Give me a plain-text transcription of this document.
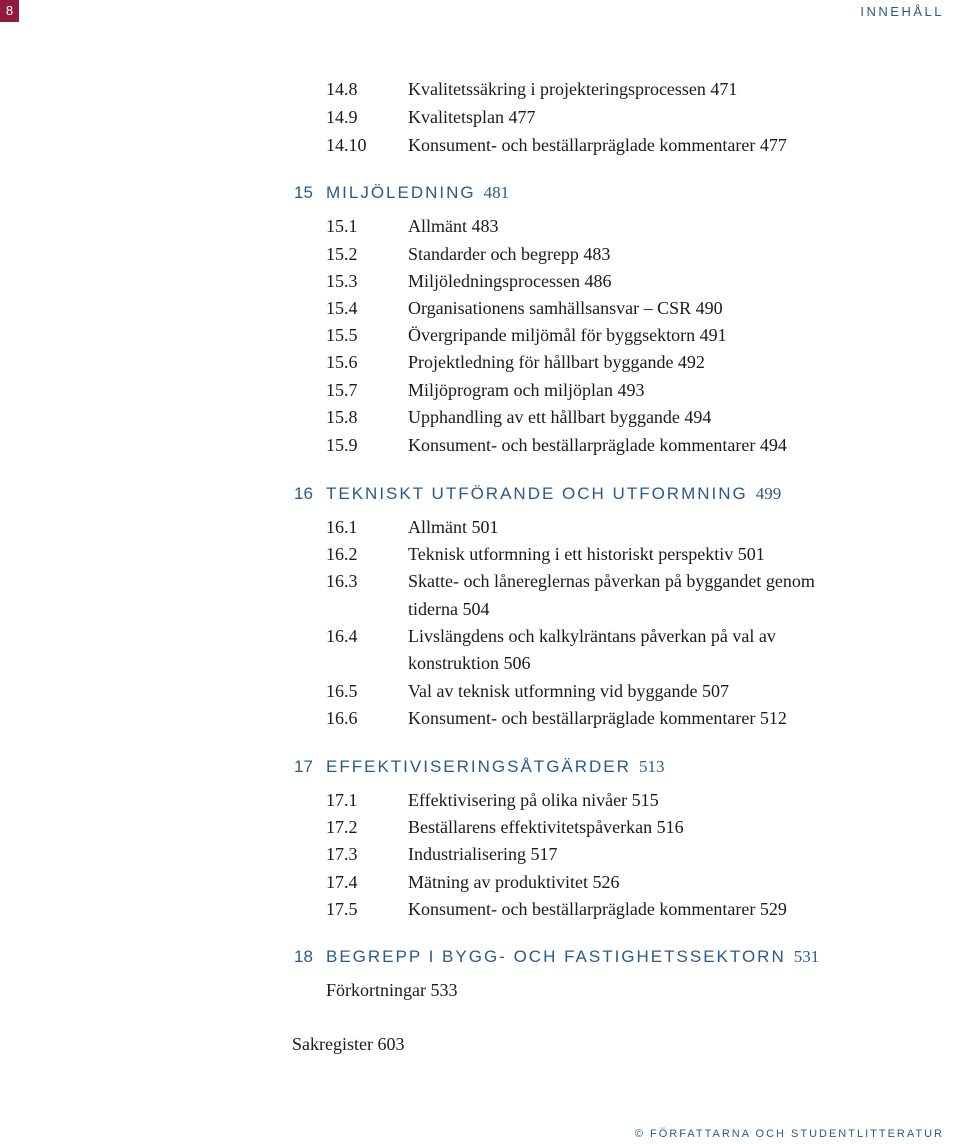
8	INNEHÅLL
14.8	Kvalitetssäkring i projekteringsprocessen 471
14.9	Kvalitetsplan 477
14.10 Konsument- och beställarpräglade kommentarer 477
15 MILJÖLEDNING 481
15.1	Allmänt 483
15.2	Standarder och begrepp 483
15.3	Miljöledningsprocessen 486
15.4	Organisationens samhällsansvar – CSR 490
15.5	Övergripande miljömål för byggsektorn 491
15.6	Projektledning för hållbart byggande 492
15.7	Miljöprogram och miljöplan 493
15.8	Upphandling av ett hållbart byggande 494
15.9	Konsument- och beställarpräglade kommentarer 494
16 TEKNISKT UTFÖRANDE OCH UTFORMNING 499
16.1	Allmänt 501
16.2	Teknisk utformning i ett historiskt perspektiv 501
16.3	Skatte- och lånereglernas påverkan på byggandet genom
tiderna 504
16.4	Livslängdens och kalkylräntans påverkan på val av
konstruktion 506
16.5	Val av teknisk utformning vid byggande 507
16.6	Konsument- och beställarpräglade kommentarer 512
17 EFFEKTIVISERINGSÅTGÄRDER 513
17.1	Effektivisering på olika nivåer 515
17.2	Beställarens effektivitetspåverkan 516
17.3	Industrialisering 517
17.4	Mätning av produktivitet 526
17.5	Konsument- och beställarpräglade kommentarer 529
18 BEGREPP I BYGG- OCH FASTIGHETSSEKTORN 531
Förkortningar 533
Sakregister 603
© FÖRFATTARNA OCH STUDENTLITTERATUR
